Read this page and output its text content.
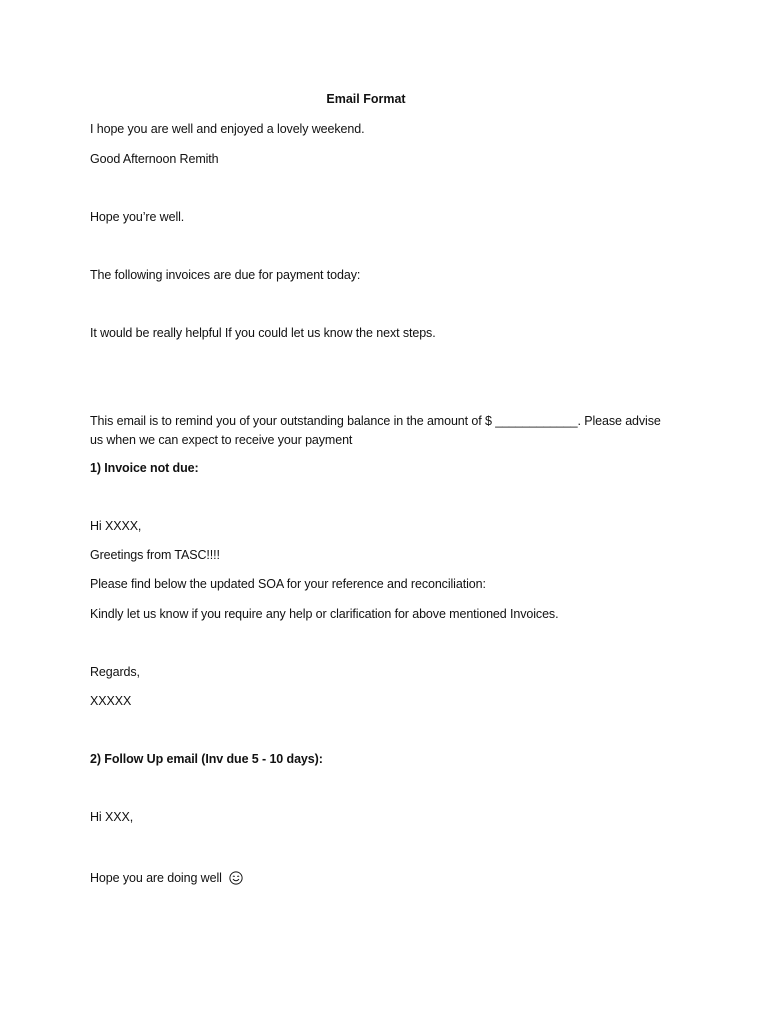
Email Format
I hope you are well and enjoyed a lovely weekend.
Good Afternoon Remith
Hope you’re well.
The following invoices are due for payment today:
It would be really helpful If you could let us know the next steps.
This email is to remind you of your outstanding balance in the amount of $ ____________. Please advise
us when we can expect to receive your payment
1) Invoice not due:
Hi XXXX,
Greetings from TASC!!!!
Please find below the updated SOA for your reference and reconciliation:
Kindly let us know if you require any help or clarification for above mentioned Invoices.
Regards,
XXXXX
2) Follow Up email (Inv due 5 - 10 days):
Hi XXX,
Hope you are doing well
